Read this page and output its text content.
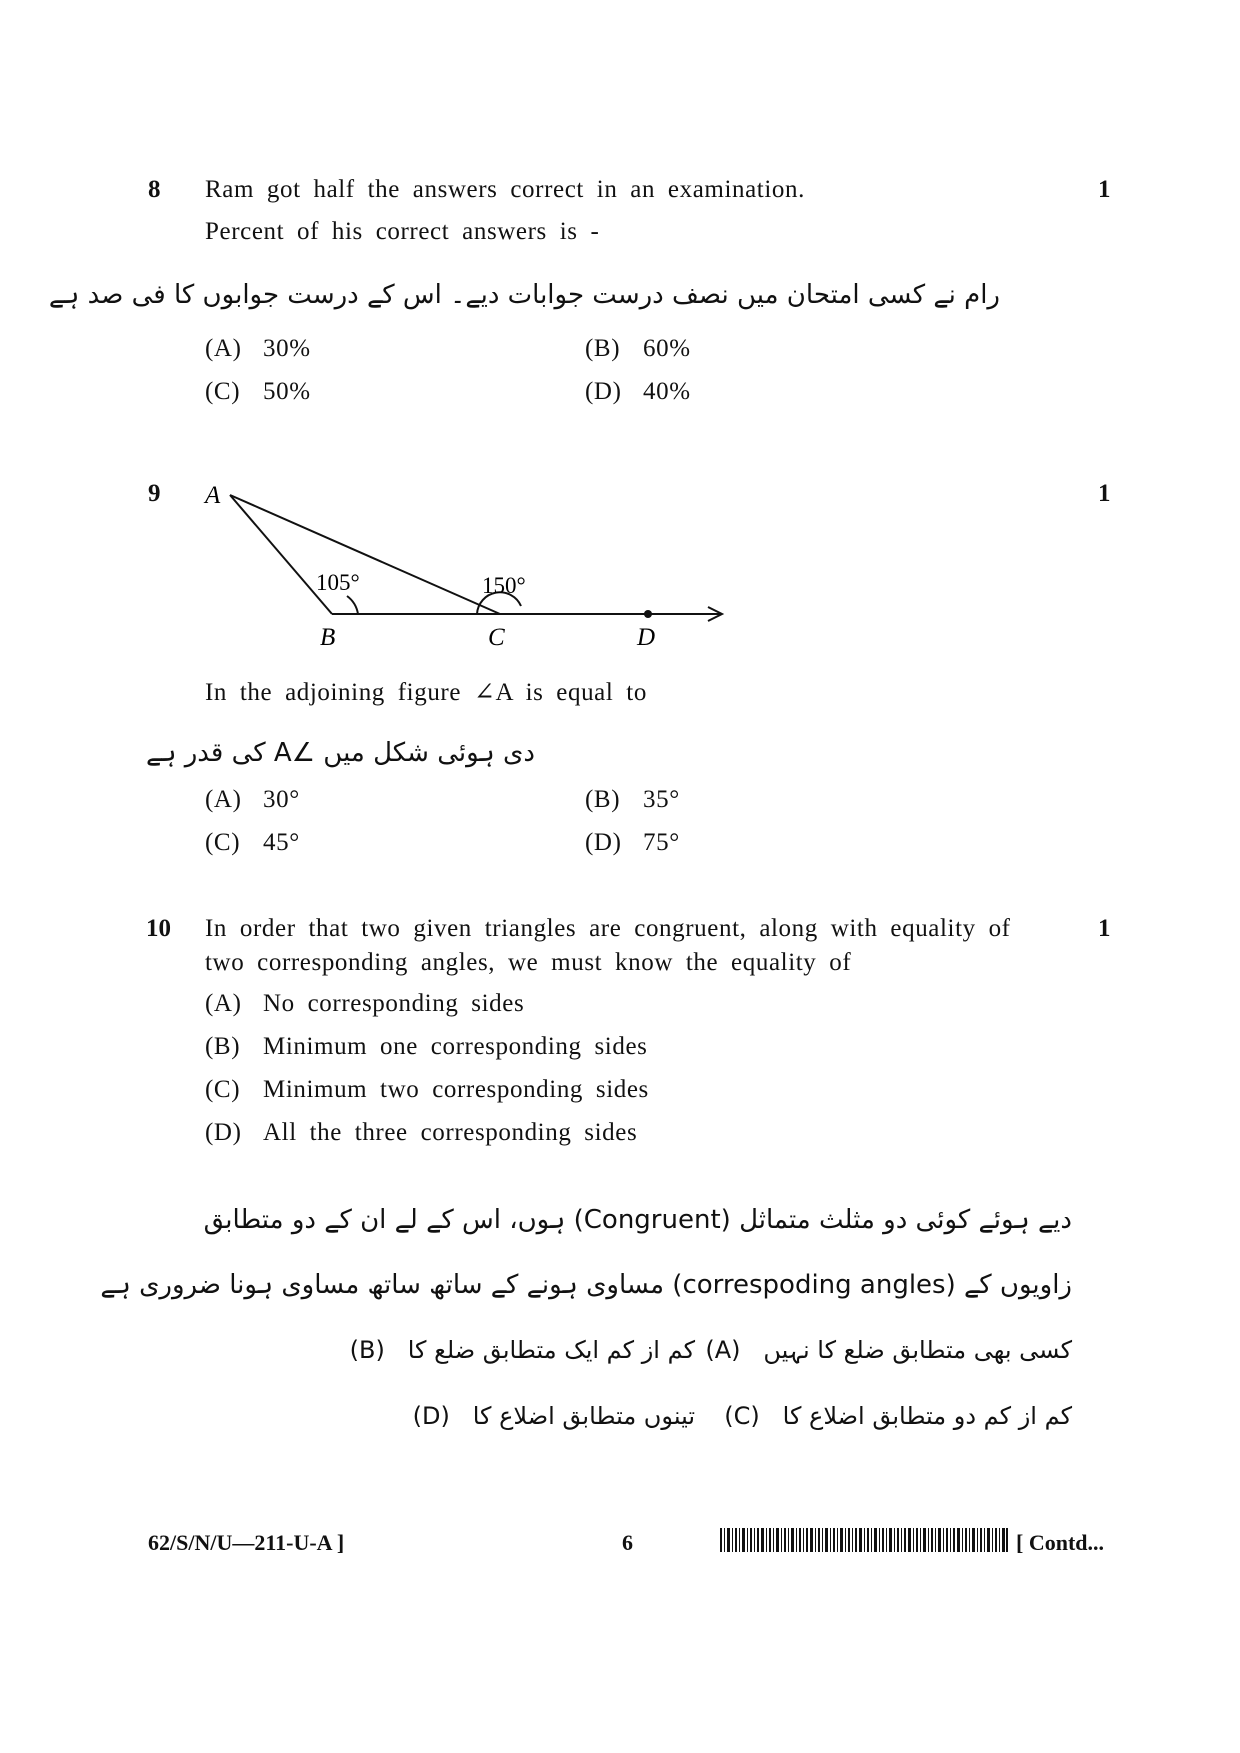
8 Ram got half the answers correct in an examination.	1
Percent of his correct answers is -
رام نے کسی امتحان میں نصف درست جوابات دیے۔ اس کے درست جوابوں کا فی صد ہے
(A) 30%	(B) 60%
(C) 50%	(D) 40%
9	1
A
B	C	D
105°	150°
In the adjoining figure ∠A is equal to
دی ہوئی شکل میں ∠A کی قدر ہے
(A) 30°	(B) 35°
(C) 45°	(D) 75°
10 In order that two given triangles are congruent, along with equality of	1
two corresponding angles, we must know the equality of
(A) No corresponding sides
(B) Minimum one corresponding sides
(C) Minimum two corresponding sides
(D) All the three corresponding sides
دیے ہوئے کوئی دو مثلث متماثل (Congruent) ہوں، اس کے لے ان کے دو متطابق
زاویوں کے (correspoding angles) مساوی ہونے کے ساتھ ساتھ مساوی ہونا ضروری ہے
(A) کسی بھی متطابق ضلع کا نہیں
(B) کم از کم ایک متطابق ضلع کا
(C) کم از کم دو متطابق اضلاع کا
(D) تینوں متطابق اضلاع کا
62/S/N/U—211-U-A ]	6	[ Contd...
